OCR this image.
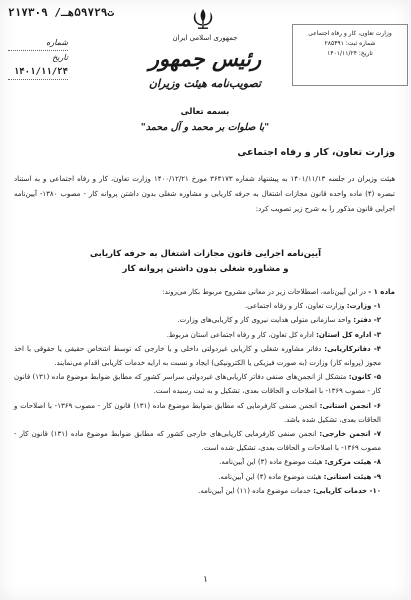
۲۱۷۳۰۹ /ت۵۹۷۲۹هـ
شماره
تاریخ ۱۴۰۱/۱۱/۲۴
جمهوری اسلامی ایران
رئیس جمهور
تصویب‌نامه هیئت وزیران
وزارت تعاون، کار و رفاه اجتماعی
شماره ثبت: ۲۸۵۴۹۱
تاریخ: ۱۴۰۱/۱۱/۲۴
بسمه تعالی
"با صلوات بر محمد و آل محمد"
وزارت تعاون، کار و رفاه اجتماعی
هیئت وزیران در جلسه ۱۴۰۱/۱۱/۱۳ به پیشنهاد شماره ۳۶۴۱۷۳ مورخ ۱۴۰۰/۱۲/۲۱ وزارت تعاون، کار و رفاه اجتماعی و به استناد تبصره (۴) ماده واحده قانون مجازات اشتغال به حرفه کاریابی و مشاوره شغلی بدون داشتن پروانه کار - مصوب ۱۳۸۰- آیین‌نامه اجرایی قانون مذکور را به شرح زیر تصویب کرد:
آیین‌نامه اجرایی قانون مجازات اشتغال به حرفه کاریابی
و مشاوره شغلی بدون داشتن پروانه کار

ماده ۱ - در این آیین‌نامه، اصطلاحات زیر در معانی مشروح مربوط بکار می‌روند:

۱- وزارت: وزارت تعاون، کار و رفاه اجتماعی.

۲- دفتر: واحد سازمانی متولی هدایت نیروی کار و کاریابی‌های وزارت.

۳- اداره کل استان: اداره کل تعاون، کار و رفاه اجتماعی استان مربوط.

۴- دفاترکاریابی: دفاتر مشاوره شغلی و کاریابی غیردولتی داخلی و یا خارجی که توسط اشخاص حقیقی یا حقوقی با اخذ مجوز (پروانه کار) وزارت (به صورت فیزیکی یا الکترونیکی) ایجاد و نسبت به ارایه خدمات کاریابی اقدام می‌نمایند.

۵- کانون: متشکل از انجمن‌های صنفی دفاتر کاریابی‌های غیردولتی سراسر کشور که مطابق ضوابط موضوع ماده (۱۳۱) قانون کار - مصوب ۱۳۶۹- با اصلاحات و الحاقات بعدی، تشکیل و به ثبت رسیده است.

۶- انجمن استانی: انجمن صنفی کارفرمایی که مطابق ضوابط موضوع ماده (۱۳۱) قانون کار - مصوب ۱۳۶۹- با اصلاحات و الحاقات بعدی، تشکیل شده باشد.

۷- انجمن خارجی: انجمن صنفی کارفرمایی کاریابی‌های خارجی کشور که مطابق ضوابط موضوع ماده (۱۳۱) قانون کار - مصوب ۱۳۶۹- با اصلاحات و الحاقات بعدی، تشکیل شده است.

۸- هیئت مرکزی: هیئت موضوع ماده (۳) این آیین‌نامه.

۹- هیئت استانی: هیئت موضوع ماده (۴) این آیین‌نامه.

۱۰- خدمات کاریابی: خدمات موضوع ماده (۱۱) این آیین‌نامه.

۱
